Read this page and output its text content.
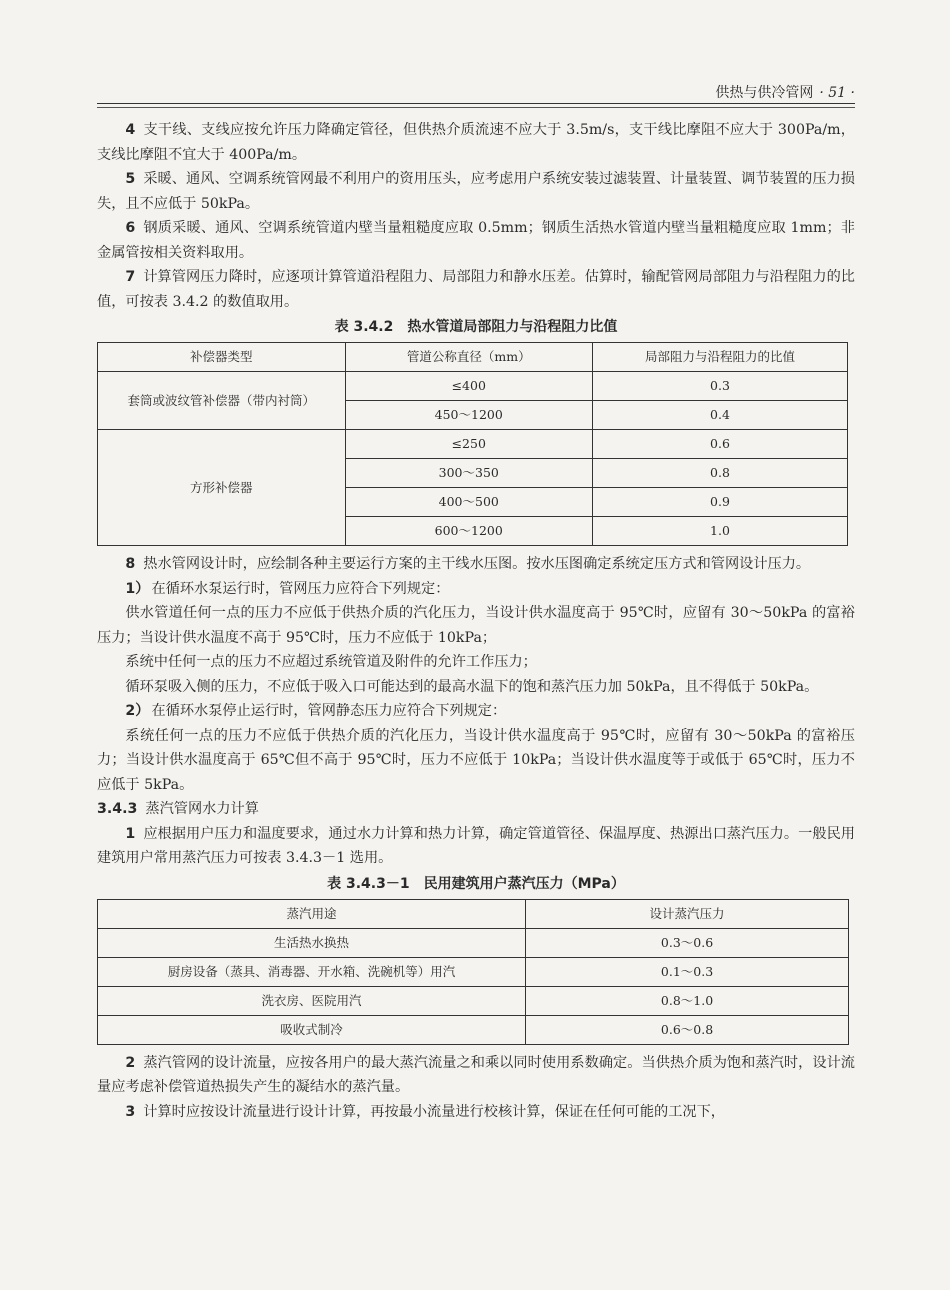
供热与供冷管网 · 51 ·

4 支干线、支线应按允许压力降确定管径，但供热介质流速不应大于 3.5m/s，支干线比摩阻不应大于 300Pa/m，支线比摩阻不宜大于 400Pa/m。

5 采暖、通风、空调系统管网最不利用户的资用压头，应考虑用户系统安装过滤装置、计量装置、调节装置的压力损失，且不应低于 50kPa。

6 钢质采暖、通风、空调系统管道内壁当量粗糙度应取 0.5mm；钢质生活热水管道内壁当量粗糙度应取 1mm；非金属管按相关资料取用。

7 计算管网压力降时，应逐项计算管道沿程阻力、局部阻力和静水压差。估算时，输配管网局部阻力与沿程阻力的比值，可按表 3.4.2 的数值取用。

表 3.4.2　热水管道局部阻力与沿程阻力比值
补偿器类型	管道公称直径（mm）	局部阻力与沿程阻力的比值
套筒或波纹管补偿器（带内衬筒）	≤400	0.3
	450～1200	0.4
方形补偿器	≤250	0.6
	300～350	0.8
	400～500	0.9
	600～1200	1.0

8 热水管网设计时，应绘制各种主要运行方案的主干线水压图。按水压图确定系统定压方式和管网设计压力。

1） 在循环水泵运行时，管网压力应符合下列规定：

供水管道任何一点的压力不应低于供热介质的汽化压力，当设计供水温度高于 95℃时，应留有 30～50kPa 的富裕压力；当设计供水温度不高于 95℃时，压力不应低于 10kPa；

系统中任何一点的压力不应超过系统管道及附件的允许工作压力；

循环泵吸入侧的压力，不应低于吸入口可能达到的最高水温下的饱和蒸汽压力加 50kPa，且不得低于 50kPa。

2） 在循环水泵停止运行时，管网静态压力应符合下列规定：

系统任何一点的压力不应低于供热介质的汽化压力，当设计供水温度高于 95℃时，应留有 30～50kPa 的富裕压力；当设计供水温度高于 65℃但不高于 95℃时，压力不应低于 10kPa；当设计供水温度等于或低于 65℃时，压力不应低于 5kPa。

3.4.3 蒸汽管网水力计算

1 应根据用户压力和温度要求，通过水力计算和热力计算，确定管道管径、保温厚度、热源出口蒸汽压力。一般民用建筑用户常用蒸汽压力可按表 3.4.3－1 选用。

表 3.4.3－1　民用建筑用户蒸汽压力（MPa）
蒸汽用途	设计蒸汽压力
生活热水换热	0.3～0.6
厨房设备（蒸具、消毒器、开水箱、洗碗机等）用汽	0.1～0.3
洗衣房、医院用汽	0.8～1.0
吸收式制冷	0.6～0.8

2 蒸汽管网的设计流量，应按各用户的最大蒸汽流量之和乘以同时使用系数确定。当供热介质为饱和蒸汽时，设计流量应考虑补偿管道热损失产生的凝结水的蒸汽量。

3 计算时应按设计流量进行设计计算，再按最小流量进行校核计算，保证在任何可能的工况下，
